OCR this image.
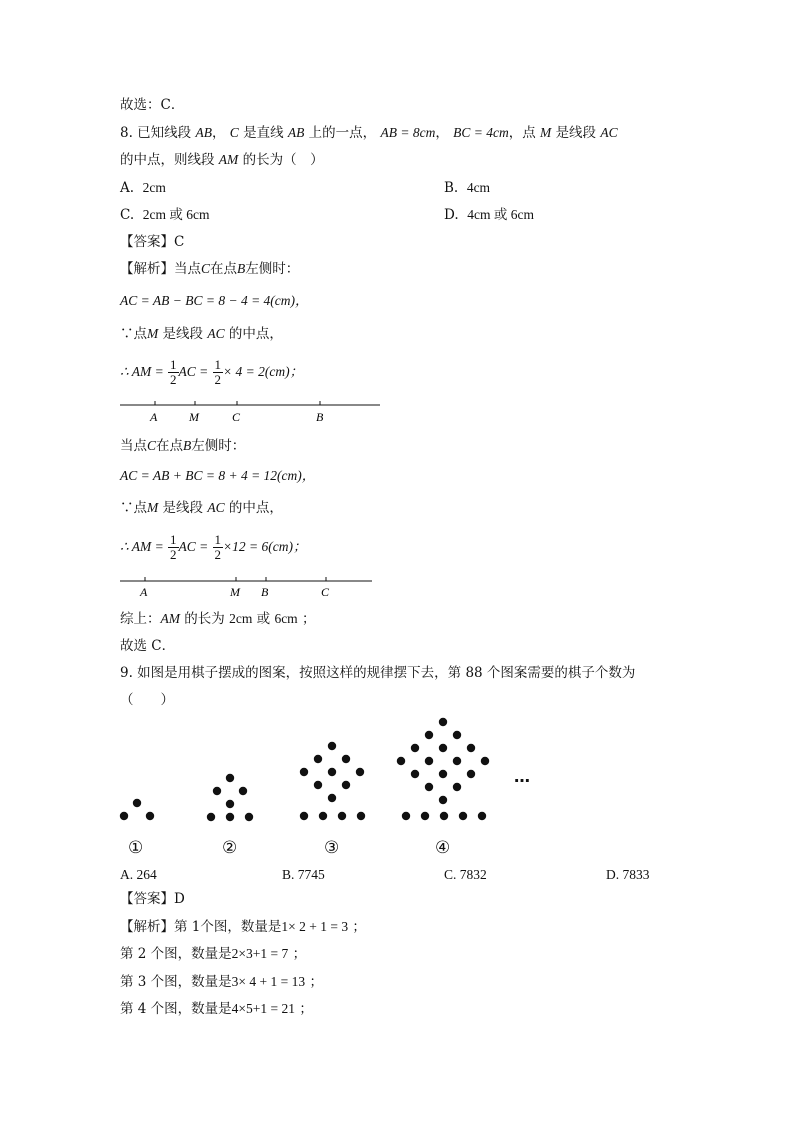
故选：C．
8. 已知线段 AB， C 是直线 AB 上的一点， AB = 8cm， BC = 4cm，点 M 是线段 AC
的中点，则线段 AM 的长为（　）
A. 2cm	B. 4cm
C. 2cm 或 6cm	D. 4cm 或 6cm
【答案】C
【解析】当点C在点B左侧时：
AC = AB − BC = 8 − 4 = 4(cm)，
∵点M 是线段 AC 的中点，
∴ AM = $\frac{1}{2}$ AC = $\frac{1}{2} \times 4 = 2(cm)$；
A	M	C	B
当点C在点B左侧时：
AC = AB + BC = 8 + 4 = 12(cm)，
∵点M 是线段 AC 的中点，
∴ AM = $\frac{1}{2}$ AC = $\frac{1}{2} \times 12 = 6(cm)$；
A	M B	C
综上：AM 的长为 2cm 或 6cm ；
故选 C．
9. 如图是用棋子摆成的图案，按照这样的规律摆下去，第 88 个图案需要的棋子个数为
（　　）
…
①	②	③	④
A. 264	B. 7745	C. 7832	D. 7833
【答案】D
【解析】第 1个图，数量是1× 2 + 1 = 3 ；
第 2 个图，数量是2×3+1 = 7 ；
第 3 个图，数量是3× 4 + 1 = 13 ；
第 4 个图，数量是4×5+1 = 21 ；
